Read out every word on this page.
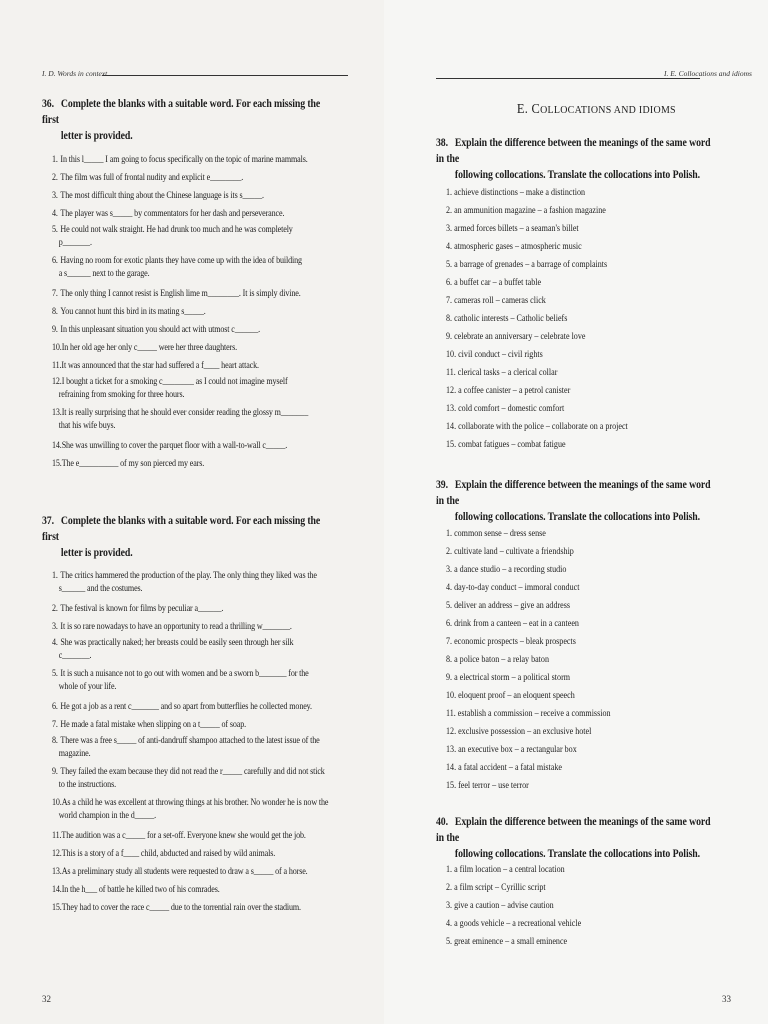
I. D. Words in context
36. Complete the blanks with a suitable word. For each missing the first
letter is provided.
1. In this l_____ I am going to focus specifically on the topic of marine mammals.
2. The film was full of frontal nudity and explicit e________.
3. The most difficult thing about the Chinese language is its s_____.
4. The player was s_____ by commentators for her dash and perseverance.
5. He could not walk straight. He had drunk too much and he was completely
p_______.
6. Having no room for exotic plants they have come up with the idea of building
a s______ next to the garage.
7. The only thing I cannot resist is English lime m________. It is simply divine.
8. You cannot hunt this bird in its mating s_____.
9. In this unpleasant situation you should act with utmost c______.
10.In her old age her only c_____ were her three daughters.
11.It was announced that the star had suffered a f____ heart attack.
12.I bought a ticket for a smoking c________ as I could not imagine myself
refraining from smoking for three hours.
13.It is really surprising that he should ever consider reading the glossy m_______
that his wife buys.
14.She was unwilling to cover the parquet floor with a wall-to-wall c_____.
15.The e__________ of my son pierced my ears.
37. Complete the blanks with a suitable word. For each missing the first
letter is provided.
1. The critics hammered the production of the play. The only thing they liked was the
s______ and the costumes.
2. The festival is known for films by peculiar a______.
3. It is so rare nowadays to have an opportunity to read a thrilling w_______.
4. She was practically naked; her breasts could be easily seen through her silk
c_______.
5. It is such a nuisance not to go out with women and be a sworn b_______ for the
whole of your life.
6. He got a job as a rent c_______ and so apart from butterflies he collected money.
7. He made a fatal mistake when slipping on a t_____ of soap.
8. There was a free s_____ of anti-dandruff shampoo attached to the latest issue of the
magazine.
9. They failed the exam because they did not read the r_____ carefully and did not stick
to the instructions.
10.As a child he was excellent at throwing things at his brother. No wonder he is now the
world champion in the d_____.
11.The audition was a c_____ for a set-off. Everyone knew she would get the job.
12.This is a story of a f____ child, abducted and raised by wild animals.
13.As a preliminary study all students were requested to draw a s_____ of a horse.
14.In the h___ of battle he killed two of his comrades.
15.They had to cover the race c_____ due to the torrential rain over the stadium.
32
I. E. Collocations and idioms
E. COLLOCATIONS AND IDIOMS
38. Explain the difference between the meanings of the same word in the
following collocations. Translate the collocations into Polish.
1. achieve distinctions – make a distinction
2. an ammunition magazine – a fashion magazine
3. armed forces billets – a seaman's billet
4. atmospheric gases – atmospheric music
5. a barrage of grenades – a barrage of complaints
6. a buffet car – a buffet table
7. cameras roll – cameras click
8. catholic interests – Catholic beliefs
9. celebrate an anniversary – celebrate love
10. civil conduct – civil rights
11. clerical tasks – a clerical collar
12. a coffee canister – a petrol canister
13. cold comfort – domestic comfort
14. collaborate with the police – collaborate on a project
15. combat fatigues – combat fatigue
39. Explain the difference between the meanings of the same word in the
following collocations. Translate the collocations into Polish.
1. common sense – dress sense
2. cultivate land – cultivate a friendship
3. a dance studio – a recording studio
4. day-to-day conduct – immoral conduct
5. deliver an address – give an address
6. drink from a canteen – eat in a canteen
7. economic prospects – bleak prospects
8. a police baton – a relay baton
9. a electrical storm – a political storm
10. eloquent proof – an eloquent speech
11. establish a commission – receive a commission
12. exclusive possession – an exclusive hotel
13. an executive box – a rectangular box
14. a fatal accident – a fatal mistake
15. feel terror – use terror
40. Explain the difference between the meanings of the same word in the
following collocations. Translate the collocations into Polish.
1. a film location – a central location
2. a film script – Cyrillic script
3. give a caution – advise caution
4. a goods vehicle – a recreational vehicle
5. great eminence – a small eminence
33
